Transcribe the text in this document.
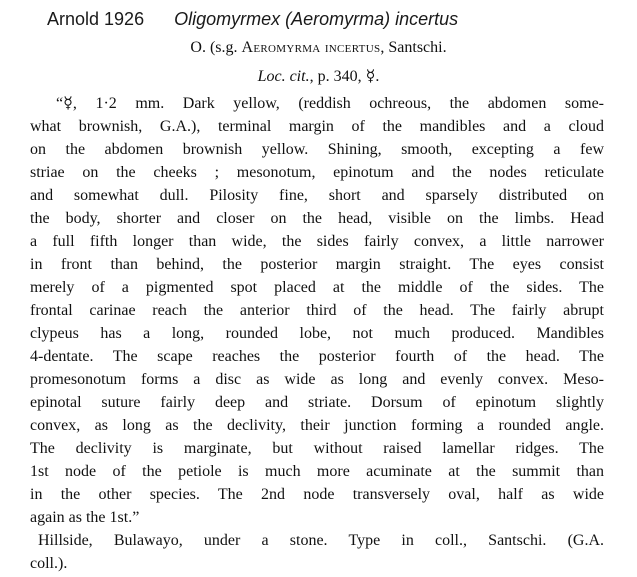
Arnold 1926 Oligomyrmex (Aeromyrma) incertus
O. (s.g. Aeromyrma incertus, Santschi.
Loc. cit., p. 340, ☿.
“☿, 1·2 mm. Dark yellow, (reddish ochreous, the abdomen some-
what brownish, G.A.), terminal margin of the mandibles and a cloud
on the abdomen brownish yellow. Shining, smooth, excepting a few
striae on the cheeks ; mesonotum, epinotum and the nodes reticulate
and somewhat dull. Pilosity fine, short and sparsely distributed on
the body, shorter and closer on the head, visible on the limbs. Head
a full fifth longer than wide, the sides fairly convex, a little narrower
in front than behind, the posterior margin straight. The eyes consist
merely of a pigmented spot placed at the middle of the sides. The
frontal carinae reach the anterior third of the head. The fairly abrupt
clypeus has a long, rounded lobe, not much produced. Mandibles
4-dentate. The scape reaches the posterior fourth of the head. The
promesonotum forms a disc as wide as long and evenly convex. Meso-
epinotal suture fairly deep and striate. Dorsum of epinotum slightly
convex, as long as the declivity, their junction forming a rounded angle.
The declivity is marginate, but without raised lamellar ridges. The
1st node of the petiole is much more acuminate at the summit than
in the other species. The 2nd node transversely oval, half as wide
again as the 1st.”
Hillside, Bulawayo, under a stone. Type in coll., Santschi. (G.A.
coll.).
